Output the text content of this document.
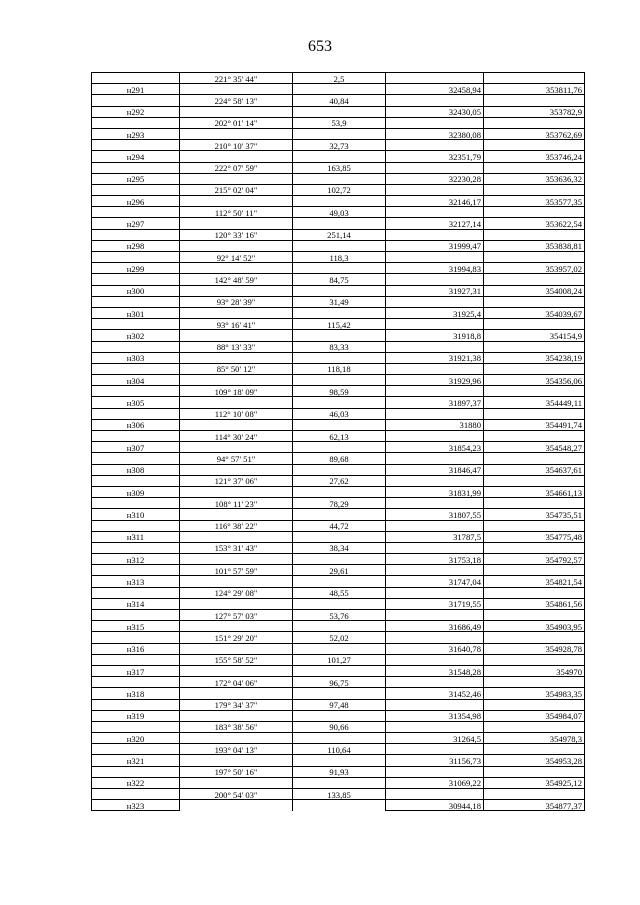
653
	221° 35' 44"	2,5		
н291			32458,94	353811,76
	224° 58' 13"	40,84		
н292			32430,05	353782,9
	202° 01' 14"	53,9		
н293			32380,08	353762,69
	210° 10' 37"	32,73		
н294			32351,79	353746,24
	222° 07' 59"	163,85		
н295			32230,28	353636,32
	215° 02' 04"	102,72		
н296			32146,17	353577,35
	112° 50' 11"	49,03		
н297			32127,14	353622,54
	120° 33' 16"	251,14		
н298			31999,47	353838,81
	92° 14' 52"	118,3		
н299			31994,83	353957,02
	142° 48' 59"	84,75		
н300			31927,31	354008,24
	93° 28' 39"	31,49		
н301			31925,4	354039,67
	93° 16' 41"	115,42		
н302			31918,8	354154,9
	88° 13' 33"	83,33		
н303			31921,38	354238,19
	85° 50' 12"	118,18		
н304			31929,96	354356,06
	109° 18' 09"	98,59		
н305			31897,37	354449,11
	112° 10' 08"	46,03		
н306			31880	354491,74
	114° 30' 24"	62,13		
н307			31854,23	354548,27
	94° 57' 51"	89,68		
н308			31846,47	354637,61
	121° 37' 06"	27,62		
н309			31831,99	354661,13
	108° 11' 23"	78,29		
н310			31807,55	354735,51
	116° 38' 22"	44,72		
н311			31787,5	354775,48
	153° 31' 43"	38,34		
н312			31753,18	354792,57
	101° 57' 59"	29,61		
н313			31747,04	354821,54
	124° 29' 08"	48,55		
н314			31719,55	354861,56
	127° 57' 03"	53,76		
н315			31686,49	354903,95
	151° 29' 20"	52,02		
н316			31640,78	354928,78
	155° 58' 52"	101,27		
н317			31548,28	354970
	172° 04' 06"	96,75		
н318			31452,46	354983,35
	179° 34' 37"	97,48		
н319			31354,98	354984,07
	183° 38' 56"	90,66		
н320			31264,5	354978,3
	193° 04' 13"	110,64		
н321			31156,73	354953,28
	197° 50' 16"	91,93		
н322			31069,22	354925,12
	200° 54' 03"	133,85		
н323			30944,18	354877,37
